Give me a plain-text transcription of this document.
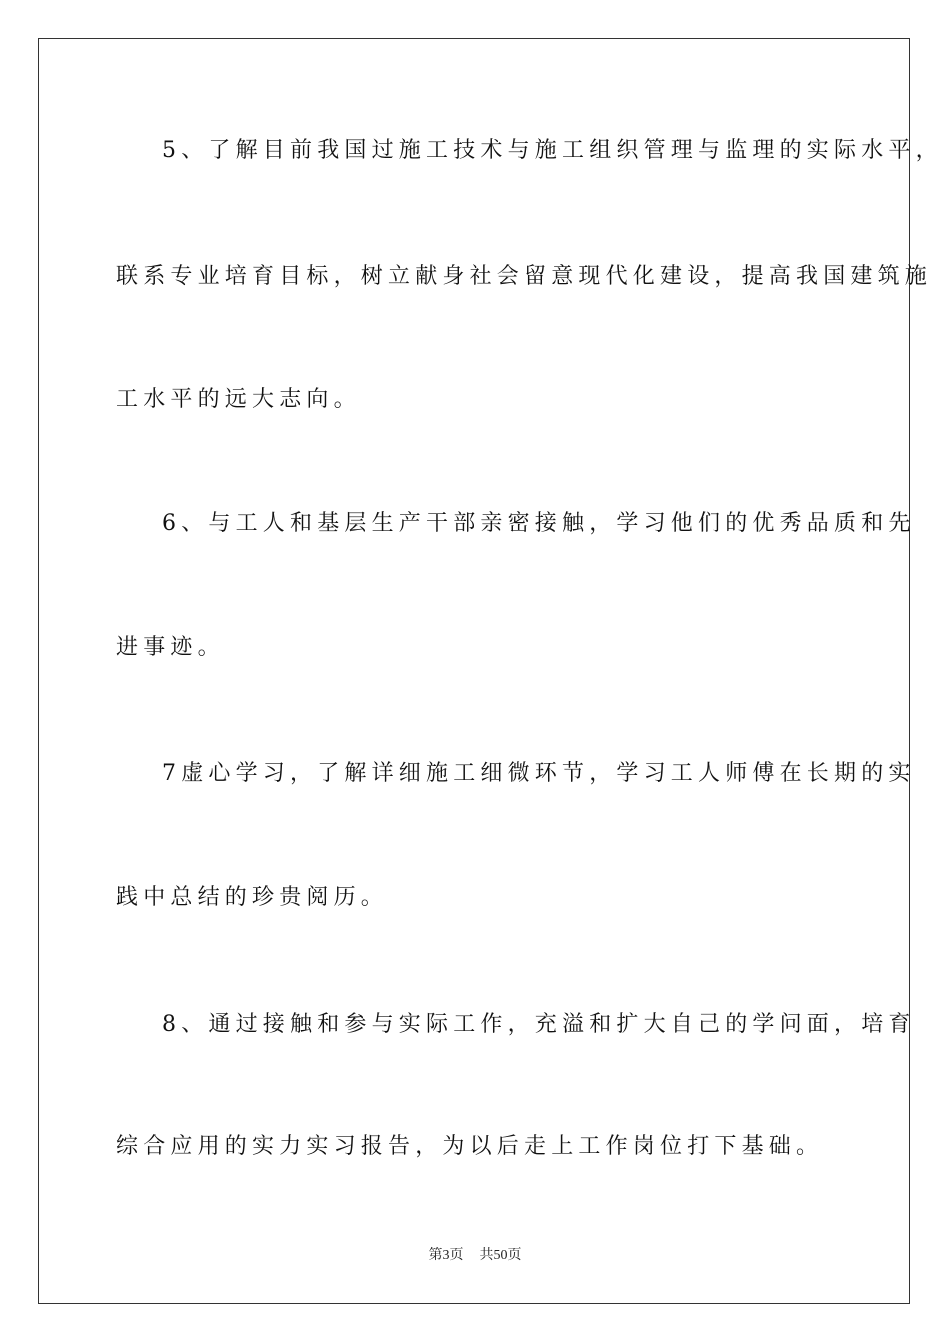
5、了解目前我国过施工技术与施工组织管理与监理的实际水平，
联系专业培育目标，树立献身社会留意现代化建设，提高我国建筑施
工水平的远大志向。
6、与工人和基层生产干部亲密接触，学习他们的优秀品质和先
进事迹。
7虚心学习，了解详细施工细微环节，学习工人师傅在长期的实
践中总结的珍贵阅历。
8、通过接触和参与实际工作，充溢和扩大自己的学问面，培育
综合应用的实力实习报告，为以后走上工作岗位打下基础。
第3页 共50页
